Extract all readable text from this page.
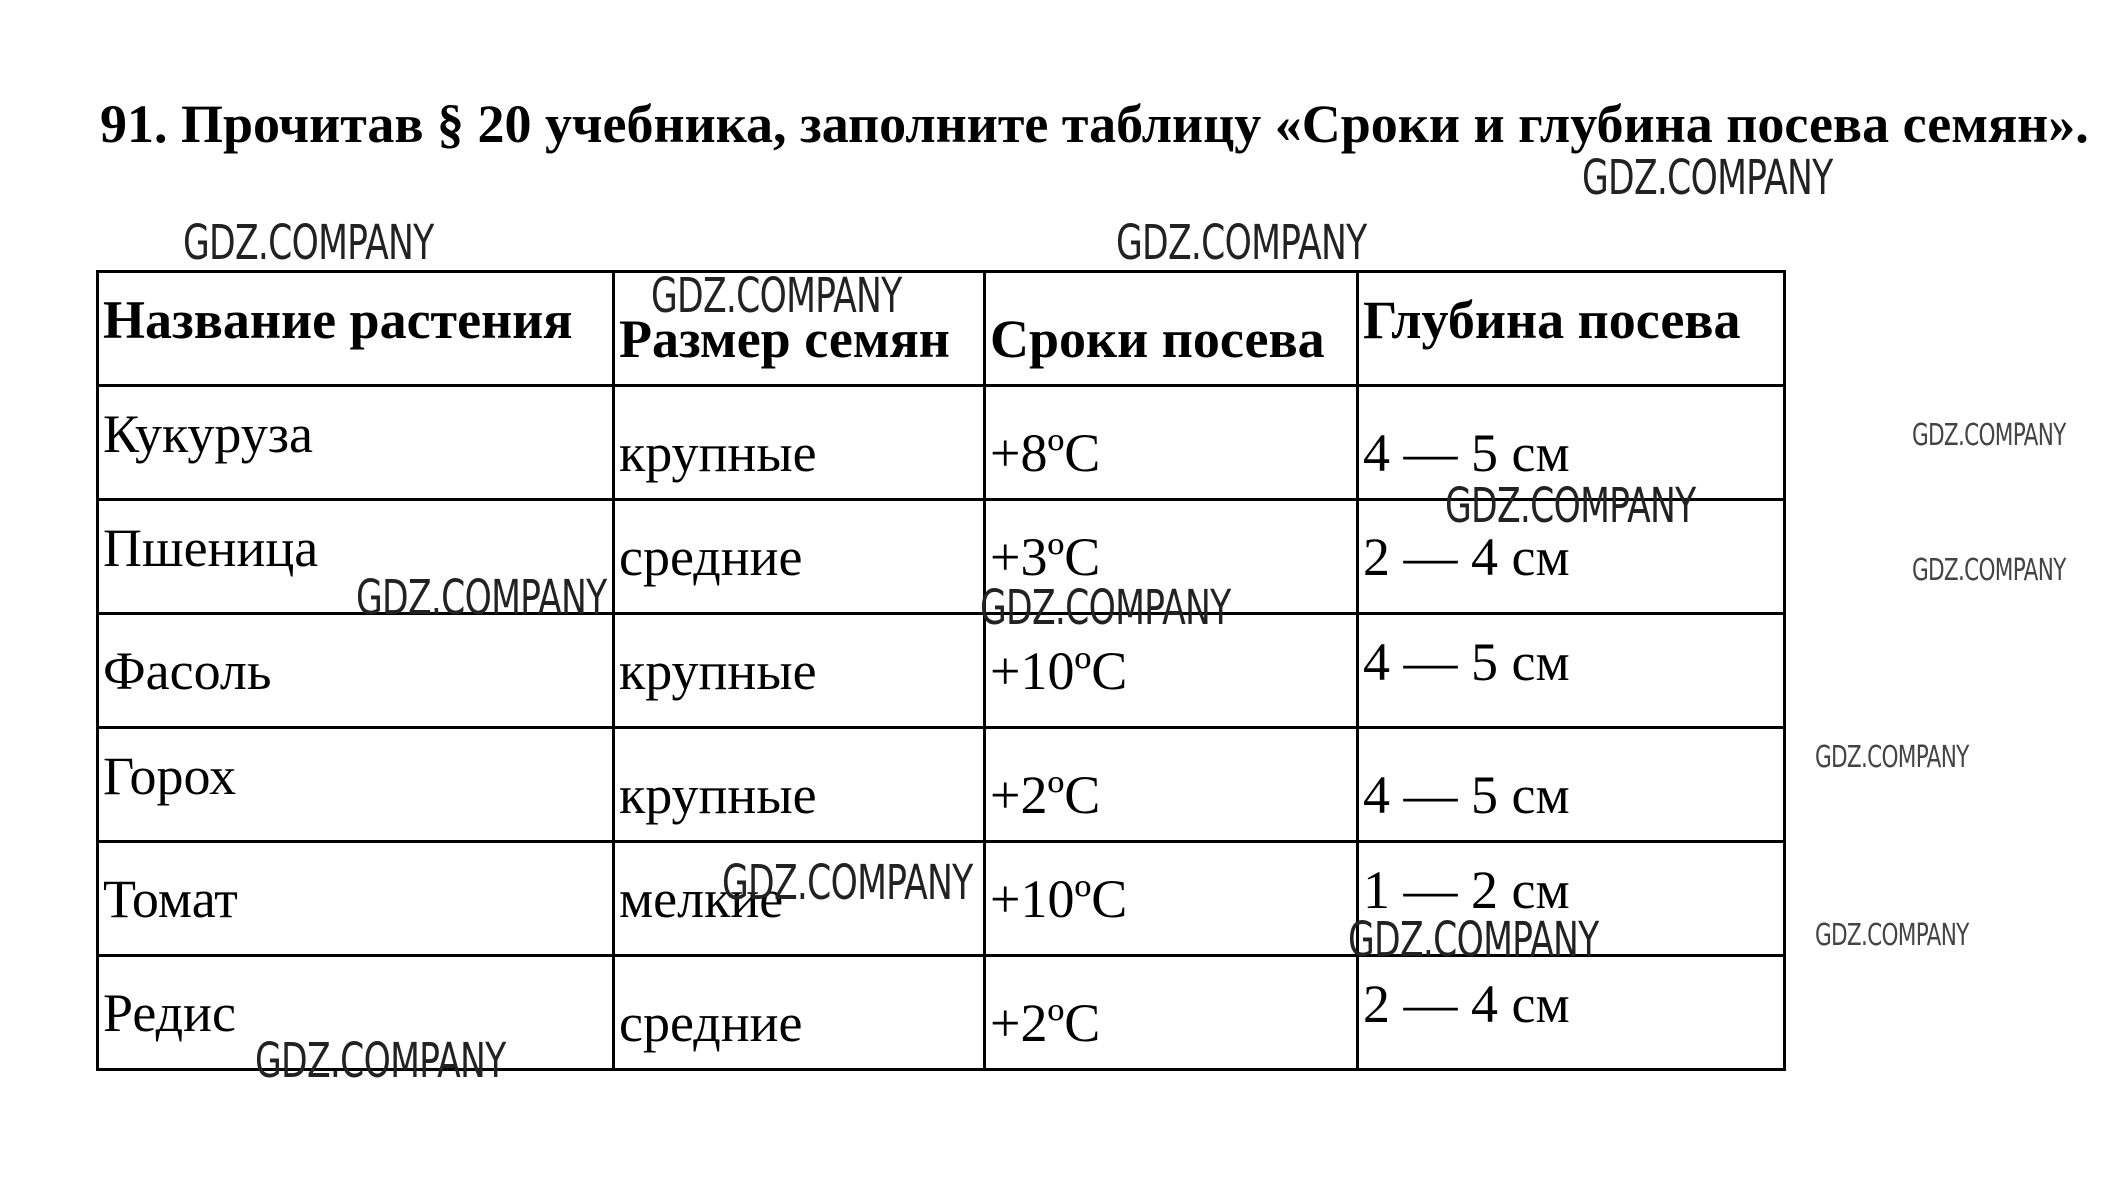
91. Прочитав § 20 учебника, заполните таблицу «Сроки и глубина посева семян».
Название растения	Размер семян	Сроки посева	Глубина посева

Кукуруза	крупные	+8ºС	4 — 5 см

Пшеница	средние	+3ºС	2 — 4 см
Фасоль	крупные	+10ºС	4 — 5 см

Горох	крупные	+2ºС	4 — 5 см

Томат	мелкие	+10ºС	1 — 2 см

Редис	средние	+2ºС	2 — 4 см
GDZ.COMPANY
GDZ.COMPANY	GDZ.COMPANY
GDZ.COMPANY
GDZ.COMPANY
GDZ.COMPANY
GDZ.COMPANY
GDZ.COMPANY	GDZ.COMPANY
GDZ.COMPANY
GDZ.COMPANY
GDZ.COMPANY
GDZ.COMPANY
GDZ.COMPANY
